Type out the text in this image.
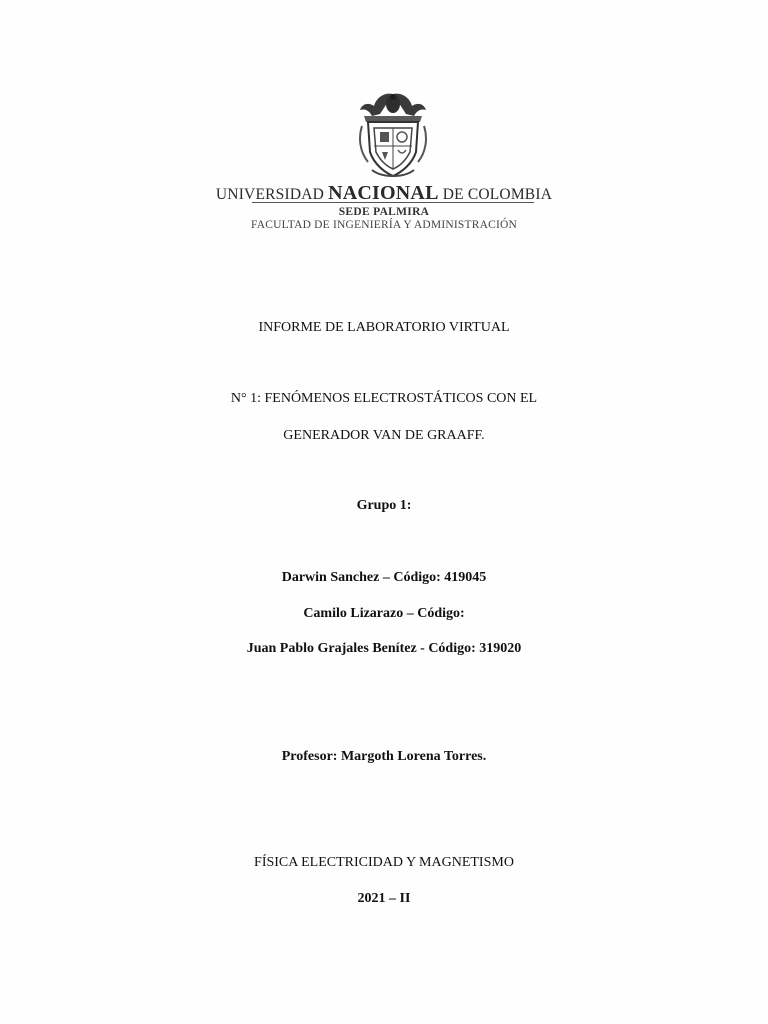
UNIVERSIDAD NACIONAL DE COLOMBIA
SEDE PALMIRA
FACULTAD DE INGENIERÍA Y ADMINISTRACIÓN
INFORME DE LABORATORIO VIRTUAL
N° 1: FENÓMENOS ELECTROSTÁTICOS CON EL
GENERADOR VAN DE GRAAFF.
Grupo 1:
Darwin Sanchez – Código: 419045
Camilo Lizarazo – Código:
Juan Pablo Grajales Benítez - Código: 319020
Profesor: Margoth Lorena Torres.
FÍSICA ELECTRICIDAD Y MAGNETISMO
2021 – II
